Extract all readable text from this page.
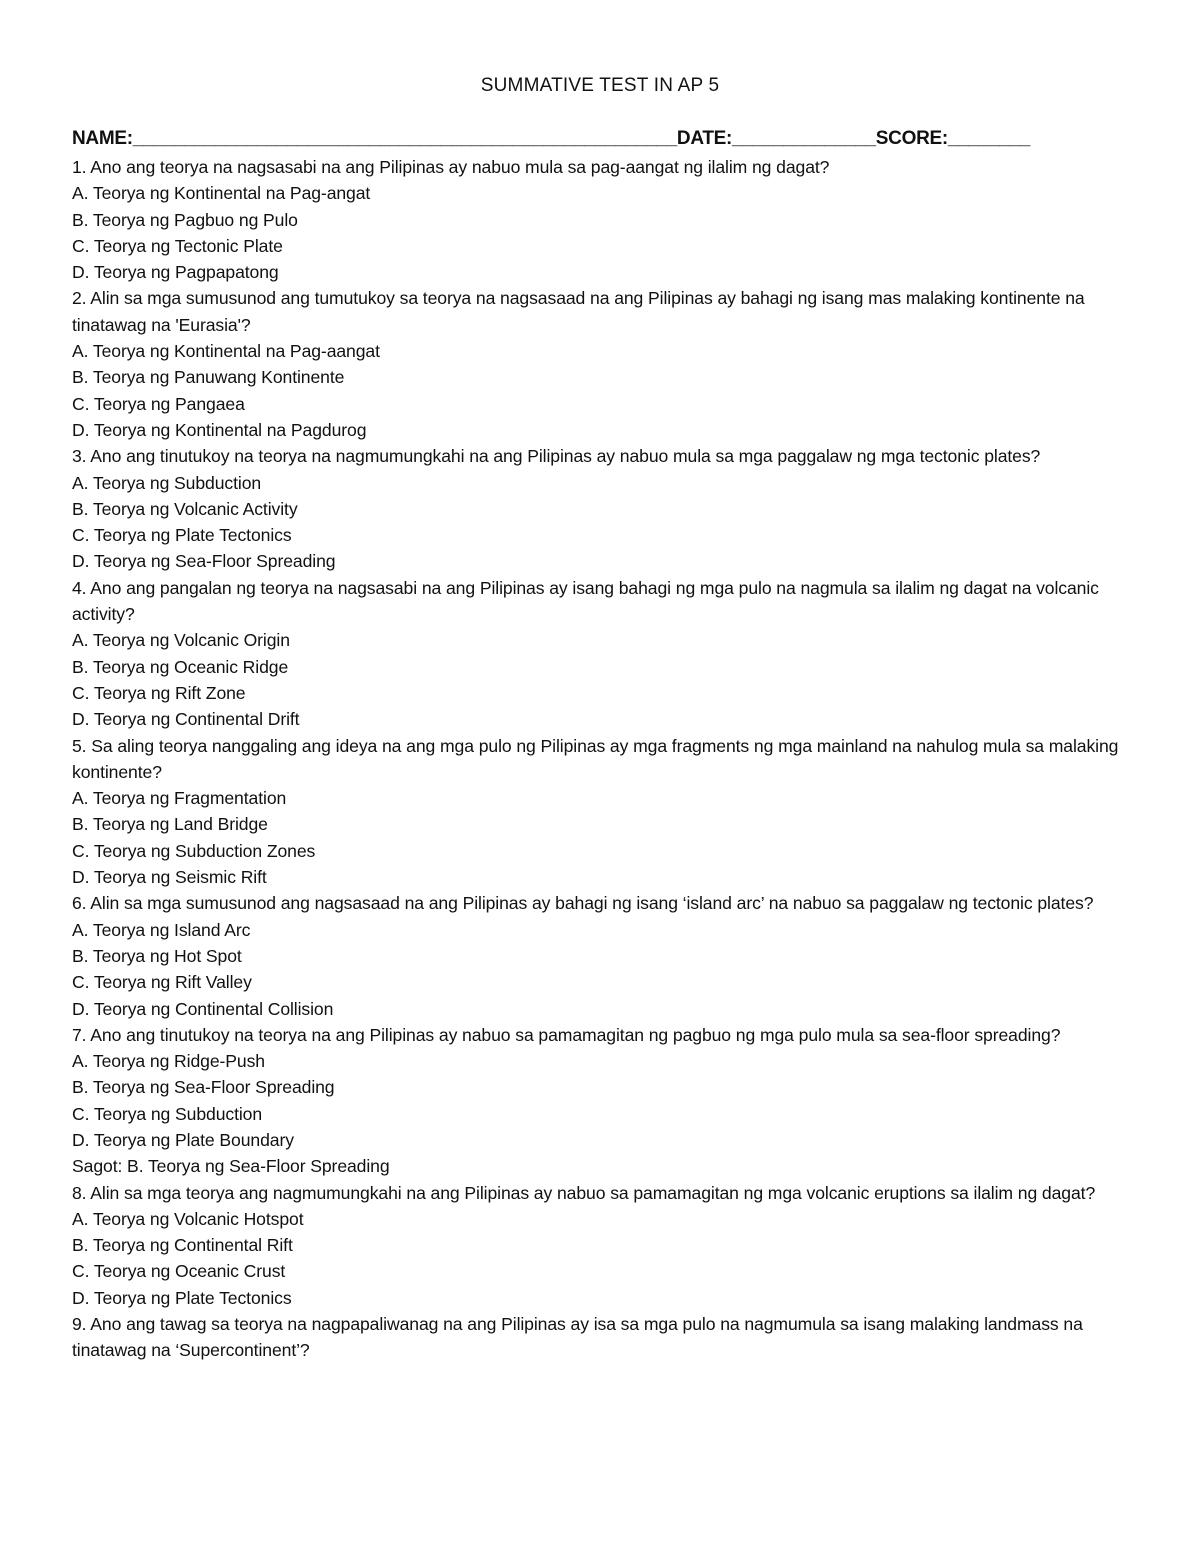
SUMMATIVE TEST IN AP 5
NAME:_____________________________________________________DATE:______________SCORE:________
1. Ano ang teorya na nagsasabi na ang Pilipinas ay nabuo mula sa pag-aangat ng ilalim ng dagat?
A. Teorya ng Kontinental na Pag-angat
B. Teorya ng Pagbuo ng Pulo
C. Teorya ng Tectonic Plate
D. Teorya ng Pagpapatong
2. Alin sa mga sumusunod ang tumutukoy sa teorya na nagsasaad na ang Pilipinas ay bahagi ng isang mas malaking kontinente na tinatawag na 'Eurasia'?
A. Teorya ng Kontinental na Pag-aangat
B. Teorya ng Panuwang Kontinente
C. Teorya ng Pangaea
D. Teorya ng Kontinental na Pagdurog
3. Ano ang tinutukoy na teorya na nagmumungkahi na ang Pilipinas ay nabuo mula sa mga paggalaw ng mga tectonic plates?
A. Teorya ng Subduction
B. Teorya ng Volcanic Activity
C. Teorya ng Plate Tectonics
D. Teorya ng Sea-Floor Spreading
4. Ano ang pangalan ng teorya na nagsasabi na ang Pilipinas ay isang bahagi ng mga pulo na nagmula sa ilalim ng dagat na volcanic activity?
A. Teorya ng Volcanic Origin
B. Teorya ng Oceanic Ridge
C. Teorya ng Rift Zone
D. Teorya ng Continental Drift
5. Sa aling teorya nanggaling ang ideya na ang mga pulo ng Pilipinas ay mga fragments ng mga mainland na nahulog mula sa malaking kontinente?
A. Teorya ng Fragmentation
B. Teorya ng Land Bridge
C. Teorya ng Subduction Zones
D. Teorya ng Seismic Rift
6. Alin sa mga sumusunod ang nagsasaad na ang Pilipinas ay bahagi ng isang ‘island arc’ na nabuo sa paggalaw ng tectonic plates?
A. Teorya ng Island Arc
B. Teorya ng Hot Spot
C. Teorya ng Rift Valley
D. Teorya ng Continental Collision
7. Ano ang tinutukoy na teorya na ang Pilipinas ay nabuo sa pamamagitan ng pagbuo ng mga pulo mula sa sea-floor spreading?
A. Teorya ng Ridge-Push
B. Teorya ng Sea-Floor Spreading
C. Teorya ng Subduction
D. Teorya ng Plate Boundary
Sagot: B. Teorya ng Sea-Floor Spreading
8. Alin sa mga teorya ang nagmumungkahi na ang Pilipinas ay nabuo sa pamamagitan ng mga volcanic eruptions sa ilalim ng dagat?
A. Teorya ng Volcanic Hotspot
B. Teorya ng Continental Rift
C. Teorya ng Oceanic Crust
D. Teorya ng Plate Tectonics
9. Ano ang tawag sa teorya na nagpapaliwanag na ang Pilipinas ay isa sa mga pulo na nagmumula sa isang malaking landmass na tinatawag na ‘Supercontinent’?
